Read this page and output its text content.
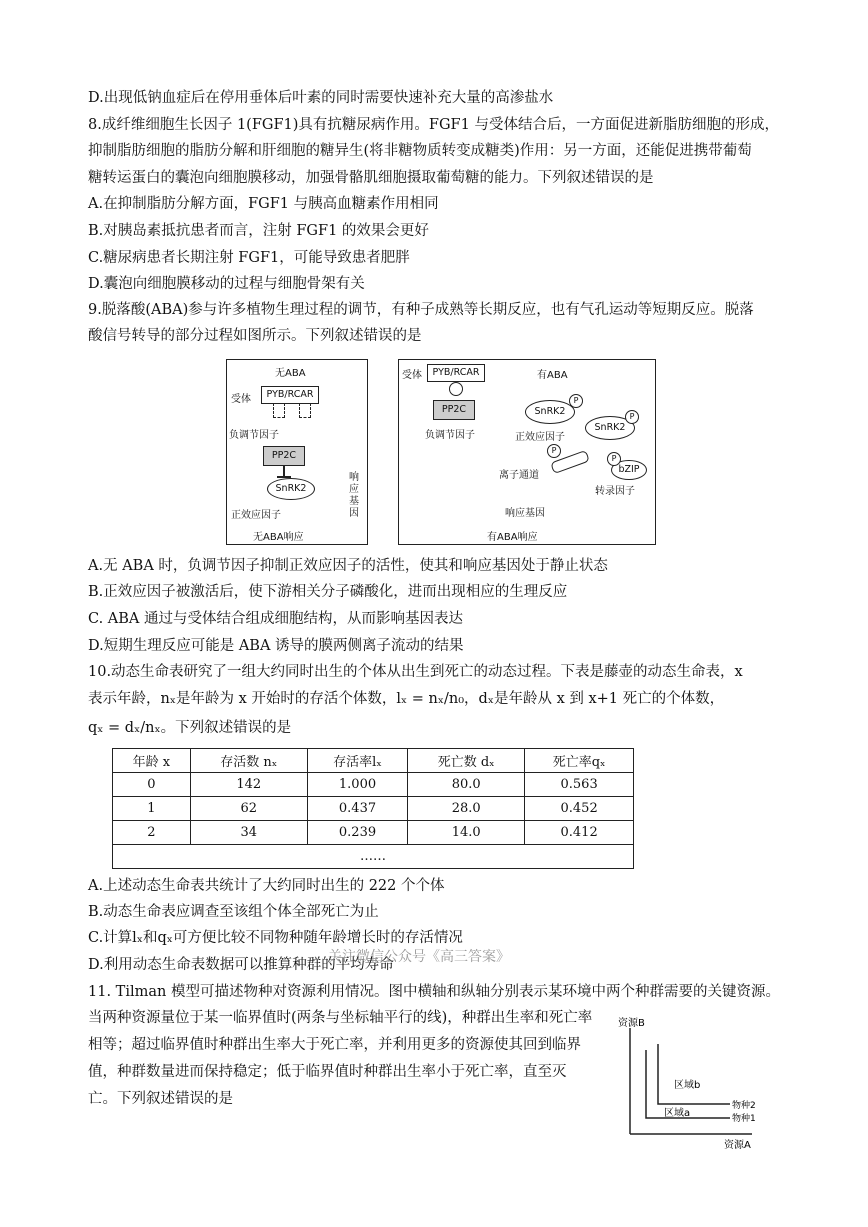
D.出现低钠血症后在停用垂体后叶素的同时需要快速补充大量的高渗盐水
8.成纤维细胞生长因子 1(FGF1)具有抗糖尿病作用。FGF1 与受体结合后，一方面促进新脂肪细胞的形成，
抑制脂肪细胞的脂肪分解和肝细胞的糖异生(将非糖物质转变成糖类)作用：另一方面，还能促进携带葡萄
糖转运蛋白的囊泡向细胞膜移动，加强骨骼肌细胞摄取葡萄糖的能力。下列叙述错误的是
A.在抑制脂肪分解方面，FGF1 与胰高血糖素作用相同
B.对胰岛素抵抗患者而言，注射 FGF1 的效果会更好
C.糖尿病患者长期注射 FGF1，可能导致患者肥胖
D.囊泡向细胞膜移动的过程与细胞骨架有关
9.脱落酸(ABA)参与许多植物生理过程的调节，有种子成熟等长期反应，也有气孔运动等短期反应。脱落
酸信号转导的部分过程如图所示。下列叙述错误的是
无ABA
受体	PYB/RCAR
负调节因子
PP2C
SnRK2
正效应因子
响应基因
无ABA响应
有ABA
受体	PYB/RCAR
PP2C
负调节因子
SnRK2
P
正效应因子
SnRK2
P
离子通道
P
bZIP
P
转录因子
响应基因
有ABA响应
A.无 ABA 时，负调节因子抑制正效应因子的活性，使其和响应基因处于静止状态
B.正效应因子被激活后，使下游相关分子磷酸化，进而出现相应的生理反应
C. ABA 通过与受体结合组成细胞结构，从而影响基因表达
D.短期生理反应可能是 ABA 诱导的膜两侧离子流动的结果
10.动态生命表研究了一组大约同时出生的个体从出生到死亡的动态过程。下表是藤壶的动态生命表，x
表示年龄，nₓ是年龄为 x 开始时的存活个体数，lₓ = nₓ/n₀，dₓ是年龄从 x 到 x+1 死亡的个体数，
qₓ = dₓ/nₓ。下列叙述错误的是
年龄 x	存活数 nₓ	存活率lₓ	死亡数 dₓ	死亡率qₓ
0	142	1.000	80.0	0.563
1	62	0.437	28.0	0.452
2	34	0.239	14.0	0.412
……				
A.上述动态生命表共统计了大约同时出生的 222 个个体
B.动态生命表应调查至该组个体全部死亡为止
C.计算lₓ和qₓ可方便比较不同物种随年龄增长时的存活情况
D.利用动态生命表数据可以推算种群的平均寿命
关注微信公众号《高三答案》
11. Tilman 模型可描述物种对资源利用情况。图中横轴和纵轴分别表示某环境中两个种群需要的关键资源。
当两种资源量位于某一临界值时(两条与坐标轴平行的线)，种群出生率和死亡率
相等；超过临界值时种群出生率大于死亡率，并利用更多的资源使其回到临界
值，种群数量进而保持稳定；低于临界值时种群出生率小于死亡率，直至灭
亡。下列叙述错误的是
资源B
资源A
区域b
区域a
物种2
物种1
